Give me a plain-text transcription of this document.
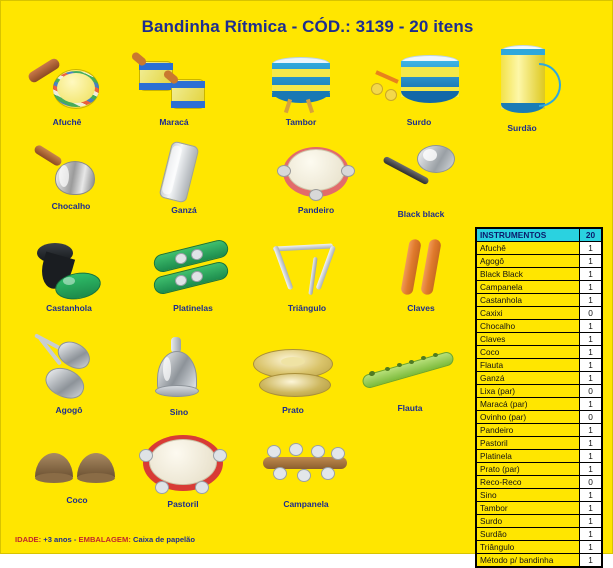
Bandinha Rítmica - CÓD.: 3139 - 20 itens
Afuchê	Maracá	Tambor	Surdo
Surdão
Chocalho	Ganzá	Pandeiro	Black black
Castanhola	Platinelas	Triângulo	Claves
Agogô	Sino	Prato	Flauta
Coco	Pastoril	Campanela
INSTRUMENTOS	20
Afuchê	1
Agogô	1
Black Black	1
Campanela	1
Castanhola	1
Caxixi	0
Chocalho	1
Claves	1
Coco	1
Flauta	1
Ganzá	1
Lixa (par)	0
Maracá (par)	1
Ovinho (par)	0
Pandeiro	1
Pastoril	1
Platinela	1
Prato (par)	1
Reco-Reco	0
Sino	1
Tambor	1
Surdo	1
Surdão	1
Triângulo	1
Método p/ bandinha	1
IDADE: +3 anos - EMBALAGEM: Caixa de papelão
